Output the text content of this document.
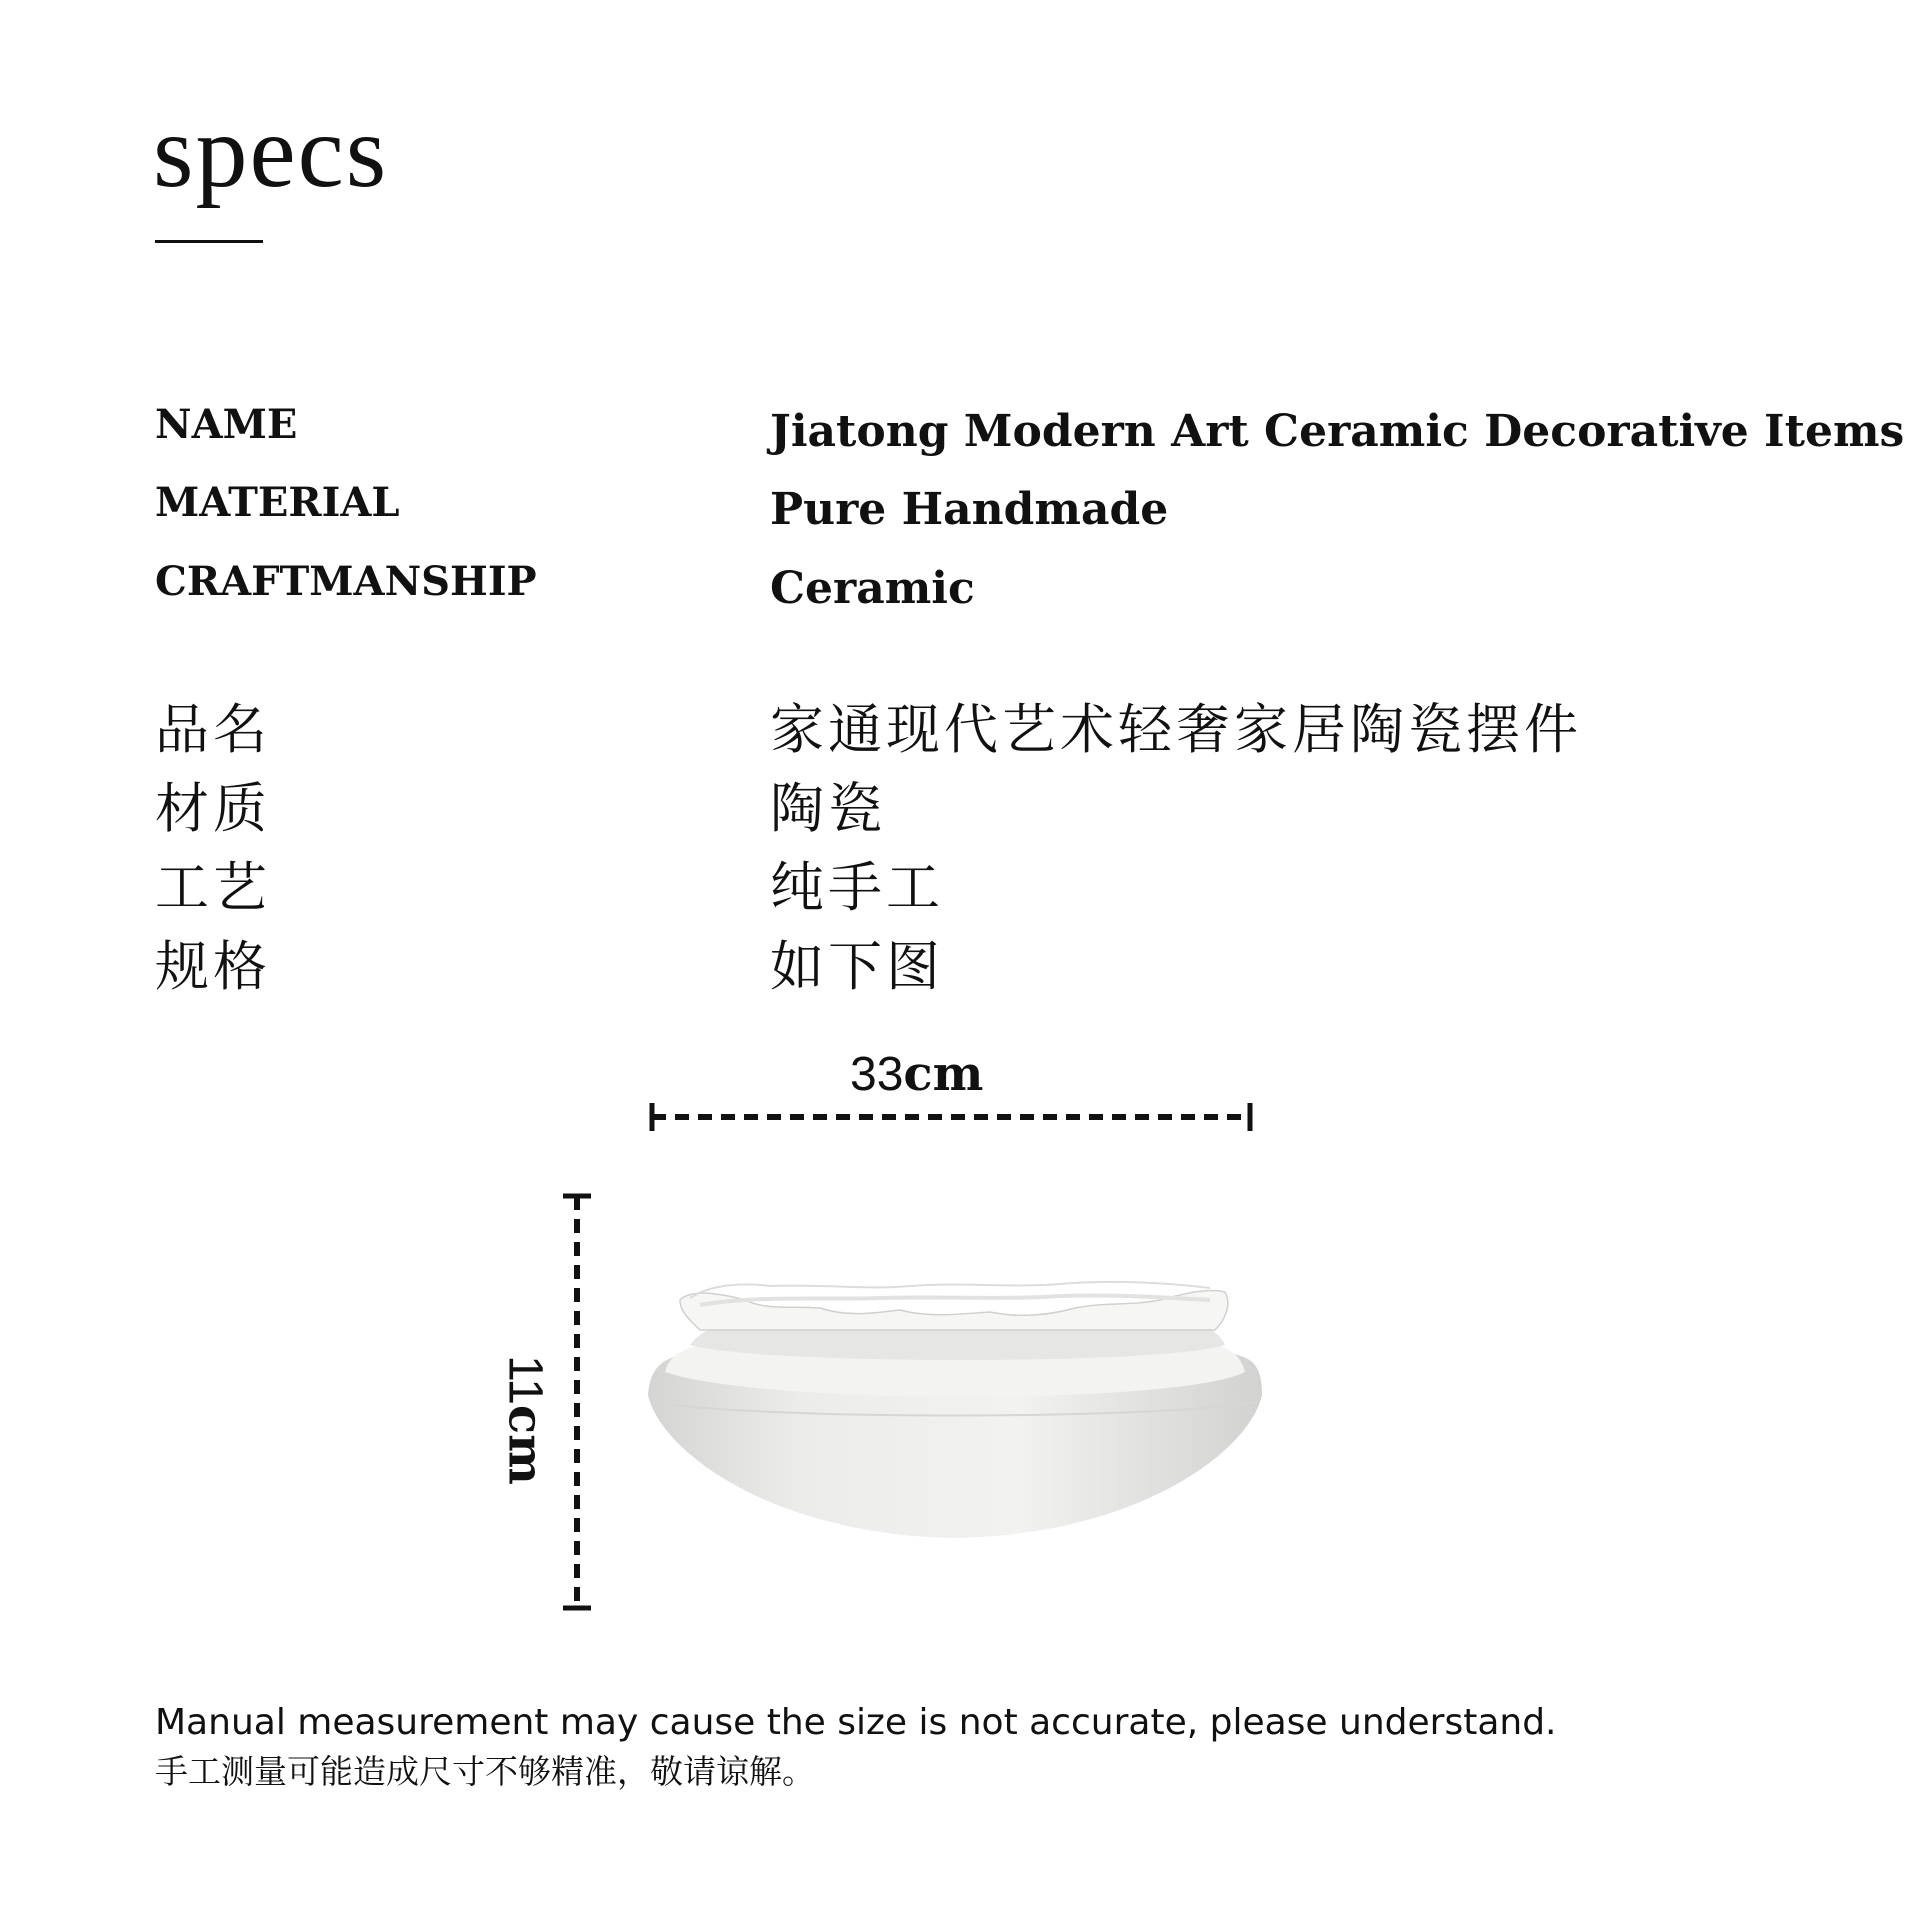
specs
NAME	Jiatong Modern Art Ceramic Decorative Items
MATERIAL	Pure Handmade
CRAFTMANSHIP	Ceramic
品名	家通现代艺术轻奢家居陶瓷摆件
材质	陶瓷
工艺	纯手工
规格	如下图
33cm
11cm
Manual measurement may cause the size is not accurate, please understand.
手工测量可能造成尺寸不够精准，敬请谅解。
